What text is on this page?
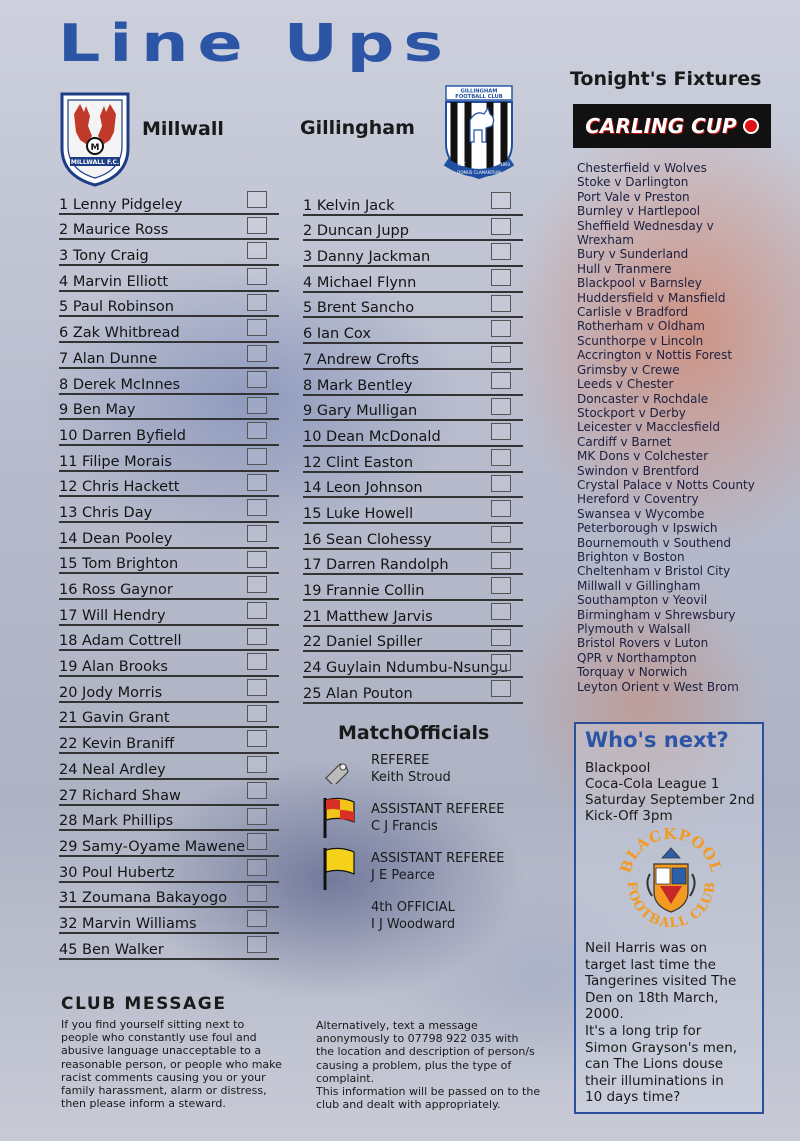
Line Ups
M
MILLWALL F.C.
Millwall	Gillingham
GILLINGHAM
FOOTBALL CLUB
EST.
DOMUS CLAMANTIUM
1893
1 Lenny Pidgeley
2 Maurice Ross
3 Tony Craig
4 Marvin Elliott
5 Paul Robinson
6 Zak Whitbread
7 Alan Dunne
8 Derek McInnes
9 Ben May
10 Darren Byfield
11 Filipe Morais
12 Chris Hackett
13 Chris Day
14 Dean Pooley
15 Tom Brighton
16 Ross Gaynor
17 Will Hendry
18 Adam Cottrell
19 Alan Brooks
20 Jody Morris
21 Gavin Grant
22 Kevin Braniff
24 Neal Ardley
27 Richard Shaw
28 Mark Phillips
29 Samy-Oyame Mawene
30 Poul Hubertz
31 Zoumana Bakayogo
32 Marvin Williams
45 Ben Walker
1 Kelvin Jack
2 Duncan Jupp
3 Danny Jackman
4 Michael Flynn
5 Brent Sancho
6 Ian Cox
7 Andrew Crofts
8 Mark Bentley
9 Gary Mulligan
10 Dean McDonald
12 Clint Easton
14 Leon Johnson
15 Luke Howell
16 Sean Clohessy
17 Darren Randolph
19 Frannie Collin
21 Matthew Jarvis
22 Daniel Spiller
24 Guylain Ndumbu-Nsungu
25 Alan Pouton
Tonight's Fixtures
CARLING CUP
Chesterfield v Wolves
Stoke v Darlington
Port Vale v Preston
Burnley v Hartlepool
Sheffield Wednesday v
Wrexham
Bury v Sunderland
Hull v Tranmere
Blackpool v Barnsley
Huddersfield v Mansfield
Carlisle v Bradford
Rotherham v Oldham
Scunthorpe v Lincoln
Accrington v Nottis Forest
Grimsby v Crewe
Leeds v Chester
Doncaster v Rochdale
Stockport v Derby
Leicester v Macclesfield
Cardiff v Barnet
MK Dons v Colchester
Swindon v Brentford
Crystal Palace v Notts County
Hereford v Coventry
Swansea v Wycombe
Peterborough v Ipswich
Bournemouth v Southend
Brighton v Boston
Cheltenham v Bristol City
Millwall v Gillingham
Southampton v Yeovil
Birmingham v Shrewsbury
Plymouth v Walsall
Bristol Rovers v Luton
QPR v Northampton
Torquay v Norwich
Leyton Orient v West Brom
MatchOfficials
REFEREE
Keith Stroud
ASSISTANT REFEREE
C J Francis
ASSISTANT REFEREE
J E Pearce
4th OFFICIAL
I J Woodward
Who's next?
Blackpool
Coca-Cola League 1
Saturday September 2nd
Kick-Off 3pm
BLACKPOOL
FOOTBALL CLUB
Neil Harris was on
target last time the
Tangerines visited The
Den on 18th March,
2000.
It's a long trip for
Simon Grayson's men,
can The Lions douse
their illuminations in
10 days time?
CLUB MESSAGE
If you find yourself sitting next to
people who constantly use foul and
abusive language unacceptable to a
reasonable person, or people who make
racist comments causing you or your
family harassment, alarm or distress,
then please inform a steward.
Alternatively, text a message
anonymously to 07798 922 035 with
the location and description of person/s
causing a problem, plus the type of
complaint.
This information will be passed on to the
club and dealt with appropriately.
